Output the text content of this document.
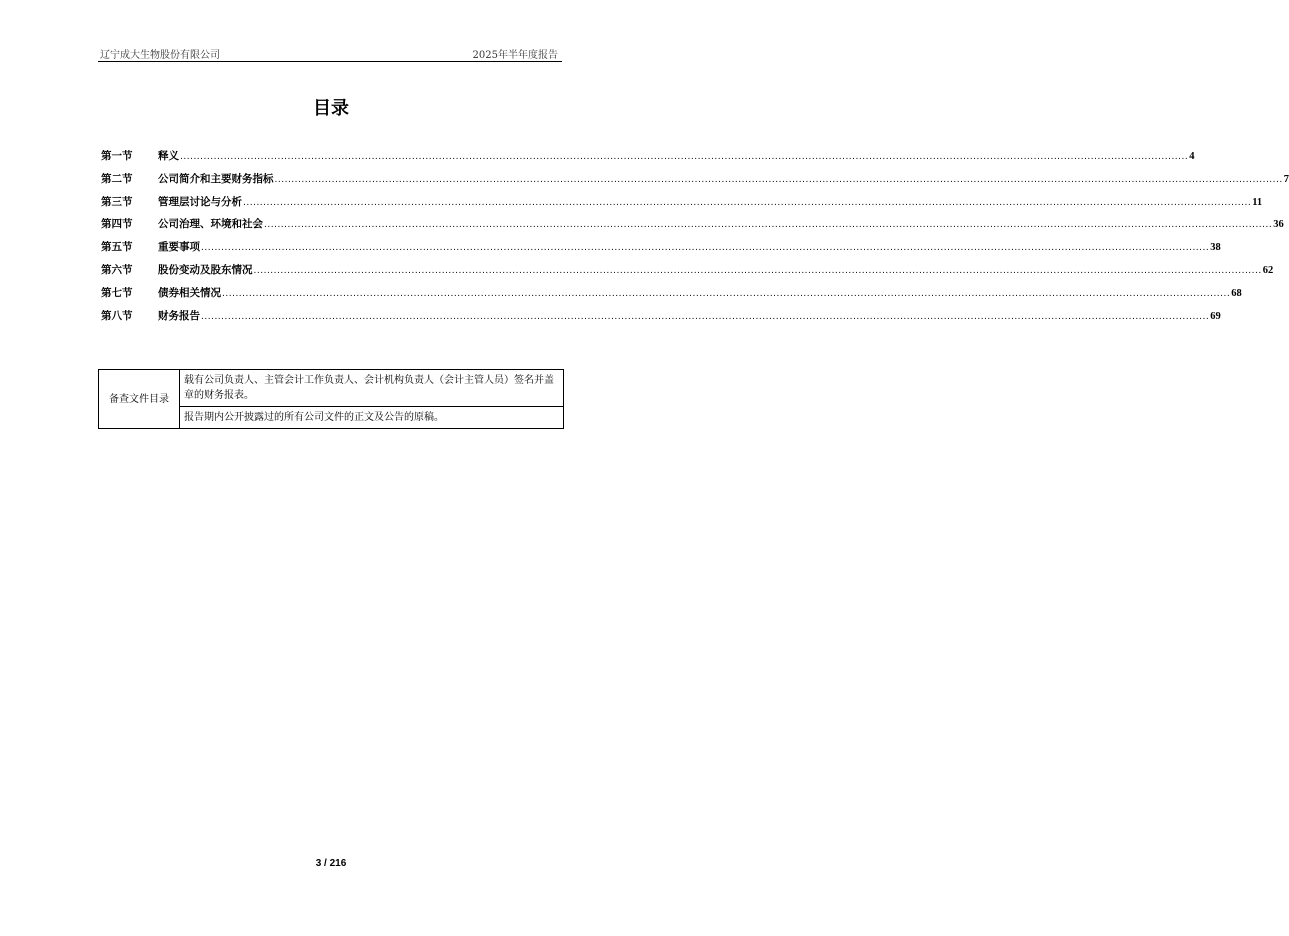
辽宁成大生物股份有限公司	2025年半年度报告
目录
第一节	释义 ............................................................................................................................................................................................................................................................................................................ 4
第二节	公司简介和主要财务指标 ............................................................................................................................................................................................................................................................................................................ 7
第三节	管理层讨论与分析 ............................................................................................................................................................................................................................................................................................................ 11
第四节	公司治理、环境和社会 ............................................................................................................................................................................................................................................................................................................ 36
第五节	重要事项 ............................................................................................................................................................................................................................................................................................................ 38
第六节	股份变动及股东情况 ............................................................................................................................................................................................................................................................................................................ 62
第七节	债券相关情况 ............................................................................................................................................................................................................................................................................................................ 68
第八节	财务报告 ............................................................................................................................................................................................................................................................................................................ 69
备查文件目录	载有公司负责人、主管会计工作负责人、会计机构负责人（会计主管人员）签名并盖章的财务报表。
报告期内公开披露过的所有公司文件的正文及公告的原稿。
3 / 216
